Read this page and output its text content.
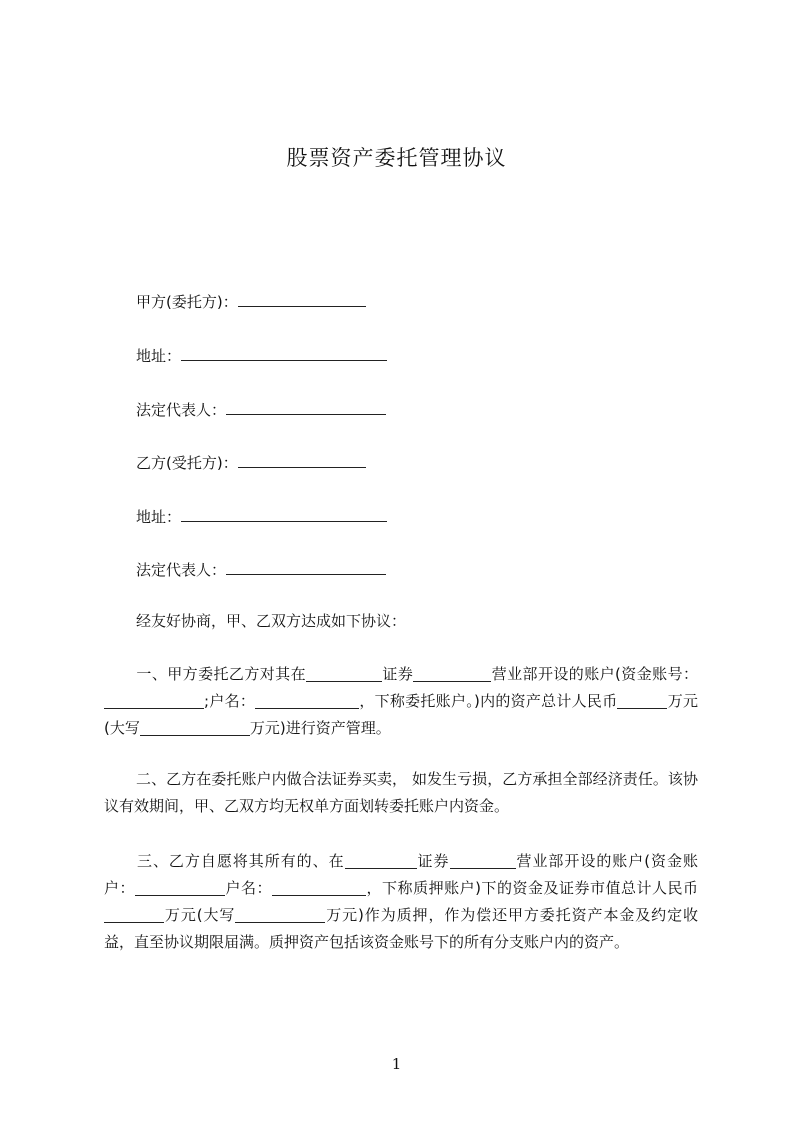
股票资产委托管理协议
甲方(委托方)：
地址：
法定代表人：
乙方(受托方)：
地址：
法定代表人：
经友好协商，甲、乙双方达成如下协议：
一、甲方委托乙方对其在	证券	营业部开设的账户(资金账号：;户名：	，下称委托账户。)内的资产总计人民币	万元(大写	万元)进行资产管理。
二、乙方在委托账户内做合法证券买卖， 如发生亏损，乙方承担全部经济责任。该协议有效期间，甲、乙双方均无权单方面划转委托账户内资金。
三、乙方自愿将其所有的、在	证券	营业部开设的账户(资金账户：	户名：	，下称质押账户)下的资金及证券市值总计人民币万元(大写	万元)作为质押，作为偿还甲方委托资产本金及约定收益，直至协议期限届满。质押资产包括该资金账号下的所有分支账户内的资产。
1
